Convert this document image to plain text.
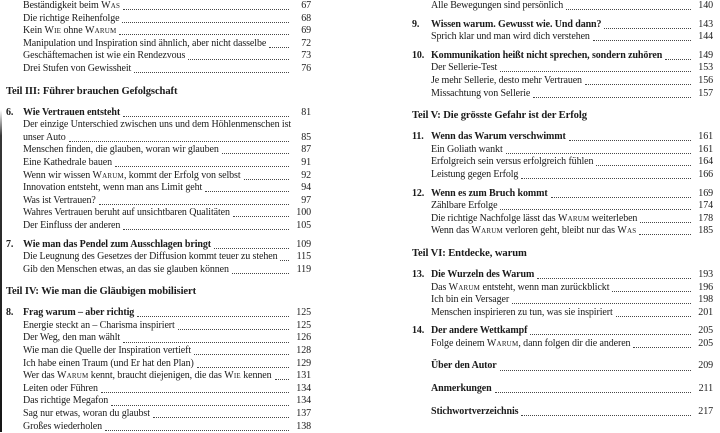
Beständigkeit beim Was	67
Die richtige Reihenfolge	68
Kein Wie ohne Warum	69
Manipulation und Inspiration sind ähnlich, aber nicht dasselbe	72
Geschäftemachen ist wie ein Rendezvous	73
Drei Stufen von Gewissheit	76
Teil III: Führer brauchen Gefolgschaft
6. Wie Vertrauen entsteht	81
Der einzige Unterschied zwischen uns und dem Höhlenmenschen ist
unser Auto	85
Menschen finden, die glauben, woran wir glauben	87
Eine Kathedrale bauen	91
Wenn wir wissen Warum, kommt der Erfolg von selbst	92
Innovation entsteht, wenn man ans Limit geht	94
Was ist Vertrauen?	97
Wahres Vertrauen beruht auf unsichtbaren Qualitäten	100
Der Einfluss der anderen	105
7. Wie man das Pendel zum Ausschlagen bringt	109
Die Leugnung des Gesetzes der Diffusion kommt teuer zu stehen	115
Gib den Menschen etwas, an das sie glauben können	119
Teil IV: Wie man die Gläubigen mobilisiert
8. Frag warum – aber richtig	125
Energie steckt an – Charisma inspiriert	125
Der Weg, den man wählt	126
Wie man die Quelle der Inspiration vertieft	128
Ich habe einen Traum (und Er hat den Plan)	129
Wer das Warum kennt, braucht diejenigen, die das Wie kennen	131
Leiten oder Führen	134
Das richtige Megafon	134
Sag nur etwas, woran du glaubst	137
Großes wiederholen	138
Alle Bewegungen sind persönlich	140
9.	Wissen warum. Gewusst wie. Und dann?	143
Sprich klar und man wird dich verstehen	144
10. Kommunikation heißt nicht sprechen, sondern zuhören	149
Der Sellerie-Test	153
Je mehr Sellerie, desto mehr Vertrauen	156
Missachtung von Sellerie	157
Teil V: Die grösste Gefahr ist der Erfolg
11. Wenn das Warum verschwimmt	161
Ein Goliath wankt	161
Erfolgreich sein versus erfolgreich fühlen	164
Leistung gegen Erfolg	166
12. Wenn es zum Bruch kommt	169
Zählbare Erfolge	174
Die richtige Nachfolge lässt das Warum weiterleben	178
Wenn das Warum verloren geht, bleibt nur das Was	185
Teil VI: Entdecke, warum
13. Die Wurzeln des Warum	193
Das Warum entsteht, wenn man zurückblickt	196
Ich bin ein Versager	198
Menschen inspirieren zu tun, was sie inspiriert	201
14. Der andere Wettkampf	205
Folge deinem Warum, dann folgen dir die anderen	205
Über den Autor	209
Anmerkungen	211
Stichwortverzeichnis	217
